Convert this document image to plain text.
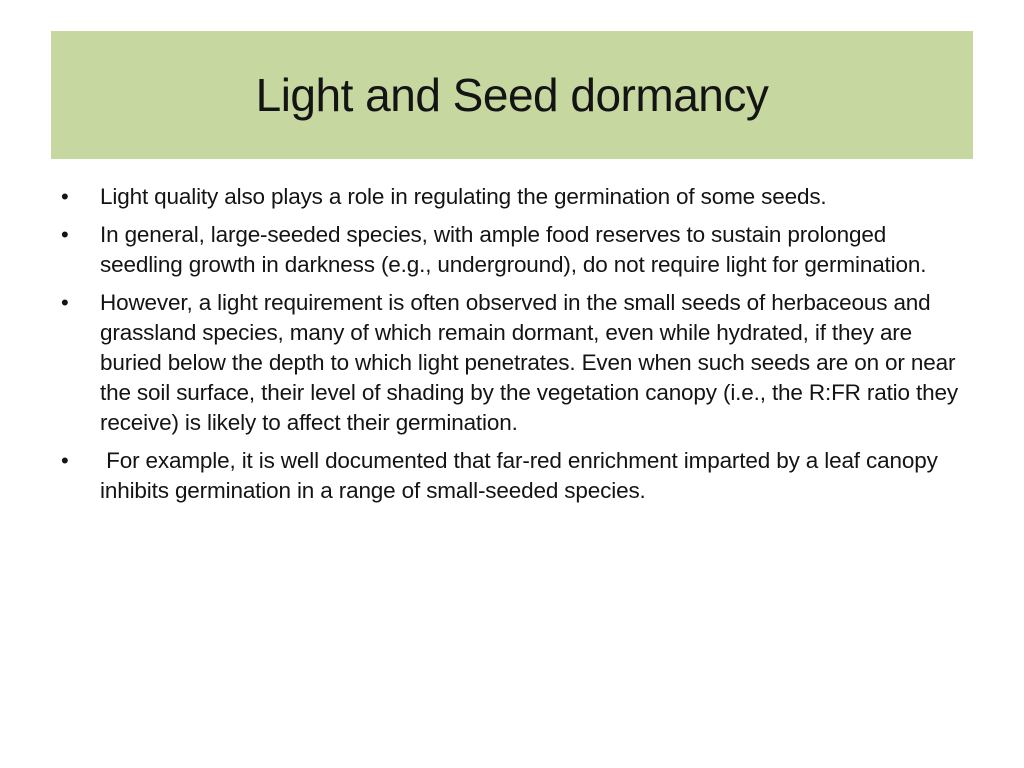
Light and Seed dormancy
• Light quality also plays a role in regulating the germination of some seeds.
• In general, large-seeded species, with ample food reserves to sustain prolonged seedling growth in darkness (e.g., underground), do not require light for germination.
• However, a light requirement is often observed in the small seeds of herbaceous and grassland species, many of which remain dormant, even while hydrated, if they are buried below the depth to which light penetrates. Even when such seeds are on or near the soil surface, their level of shading by the vegetation canopy (i.e., the R:FR ratio they receive) is likely to affect their germination.
• For example, it is well documented that far-red enrichment imparted by a leaf canopy inhibits germination in a range of small-seeded species.
